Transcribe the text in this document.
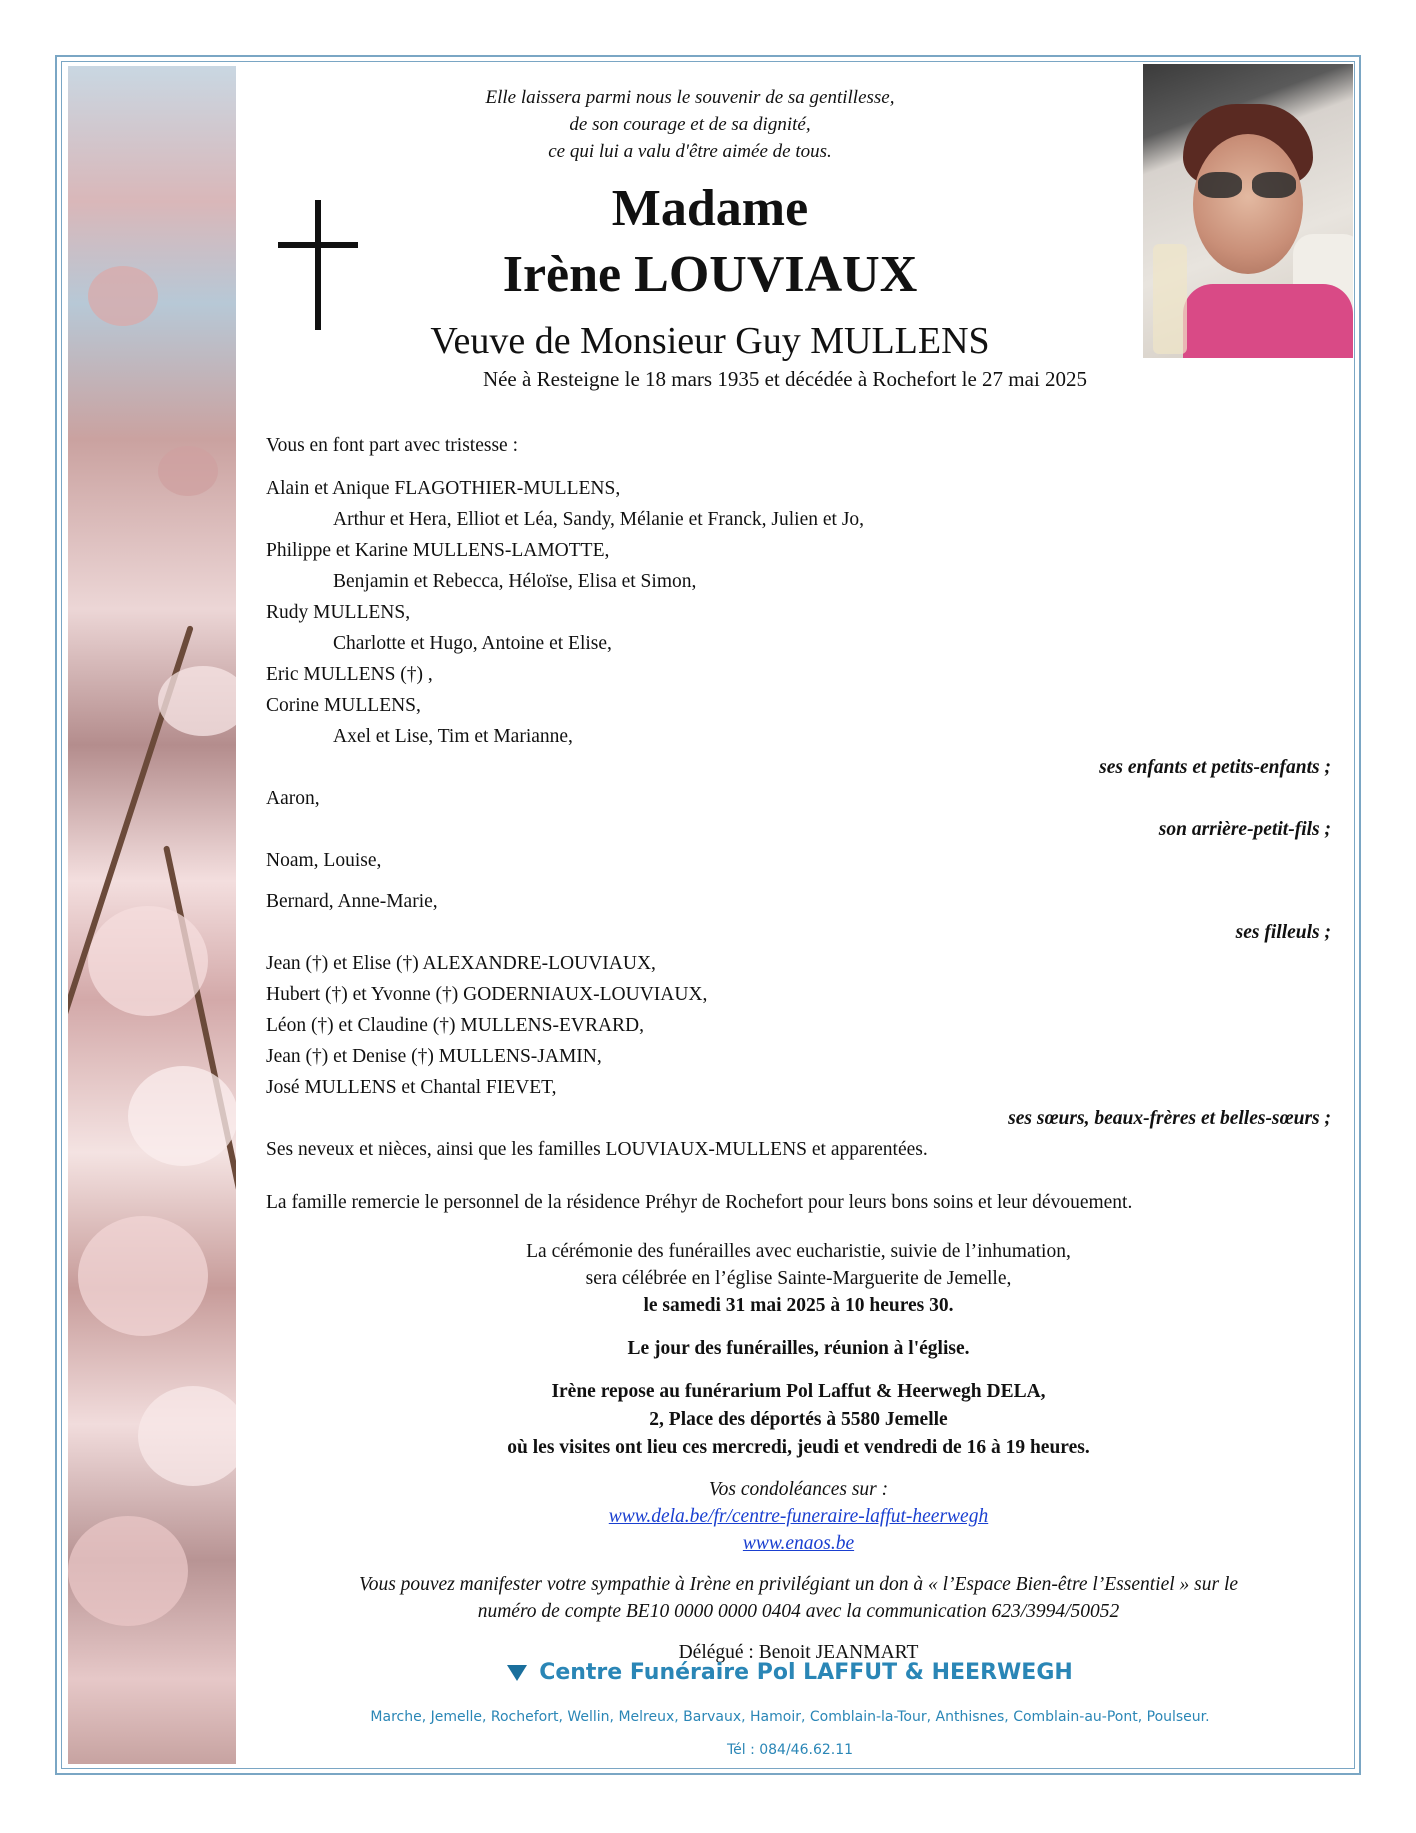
Elle laissera parmi nous le souvenir de sa gentillesse,
de son courage et de sa dignité,
ce qui lui a valu d'être aimée de tous.
Madame
Irène LOUVIAUX
Veuve de Monsieur Guy MULLENS
Née à Resteigne le 18 mars 1935 et décédée à Rochefort le 27 mai 2025
Vous en font part avec tristesse :
Alain et Anique FLAGOTHIER-MULLENS,
Arthur et Hera, Elliot et Léa, Sandy, Mélanie et Franck, Julien et Jo,
Philippe et Karine MULLENS-LAMOTTE,
Benjamin et Rebecca, Héloïse, Elisa et Simon,
Rudy MULLENS,
Charlotte et Hugo, Antoine et Elise,
Eric MULLENS (†) ,
Corine MULLENS,
Axel et Lise, Tim et Marianne,
ses enfants et petits-enfants ;
Aaron,
son arrière-petit-fils ;
Noam, Louise,
Bernard, Anne-Marie,
ses filleuls ;
Jean (†) et Elise (†) ALEXANDRE-LOUVIAUX,
Hubert (†) et Yvonne (†) GODERNIAUX-LOUVIAUX,
Léon (†) et Claudine (†) MULLENS-EVRARD,
Jean (†) et Denise (†) MULLENS-JAMIN,
José MULLENS et Chantal FIEVET,
ses sœurs, beaux-frères et belles-sœurs ;
Ses neveux et nièces, ainsi que les familles LOUVIAUX-MULLENS et apparentées.
La famille remercie le personnel de la résidence Préhyr de Rochefort pour leurs bons soins et leur dévouement.
La cérémonie des funérailles avec eucharistie, suivie de l’inhumation,
sera célébrée en l’église Sainte-Marguerite de Jemelle,
le samedi 31 mai 2025 à 10 heures 30.
Le jour des funérailles, réunion à l'église.
Irène repose au funérarium Pol Laffut & Heerwegh DELA,
2, Place des déportés à 5580 Jemelle
où les visites ont lieu ces mercredi, jeudi et vendredi de 16 à 19 heures.
Vos condoléances sur :
www.dela.be/fr/centre-funeraire-laffut-heerwegh
www.enaos.be
Vous pouvez manifester votre sympathie à Irène en privilégiant un don à « l’Espace Bien-être l’Essentiel » sur le
numéro de compte BE10 0000 0000 0404 avec la communication 623/3994/50052
Délégué : Benoit JEANMART
Centre Funéraire Pol LAFFUT & HEERWEGH
Marche, Jemelle, Rochefort, Wellin, Melreux, Barvaux, Hamoir, Comblain-la-Tour, Anthisnes, Comblain-au-Pont, Poulseur.
Tél : 084/46.62.11
